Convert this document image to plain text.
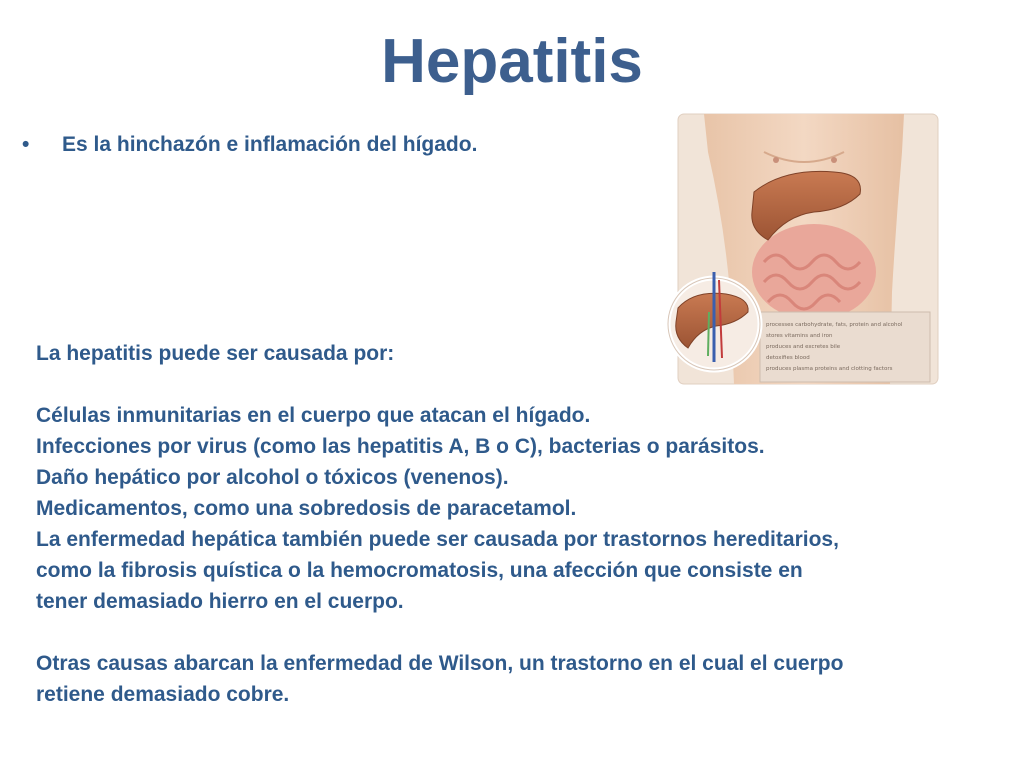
Hepatitis
• Es la hinchazón e inflamación del hígado.
processes carbohydrate, fats, protein and alcohol
stores vitamins and iron
produces and excretes bile
detoxifies blood
produces plasma proteins and clotting factors
La hepatitis puede ser causada por:
Células inmunitarias en el cuerpo que atacan el hígado.
Infecciones por virus (como las hepatitis A, B o C), bacterias o parásitos.
Daño hepático por alcohol o tóxicos (venenos).
Medicamentos, como una sobredosis de paracetamol.
La enfermedad hepática también puede ser causada por trastornos hereditarios,
como la fibrosis quística o la hemocromatosis, una afección que consiste en
tener demasiado hierro en el cuerpo.
Otras causas abarcan la enfermedad de Wilson, un trastorno en el cual el cuerpo
retiene demasiado cobre.
